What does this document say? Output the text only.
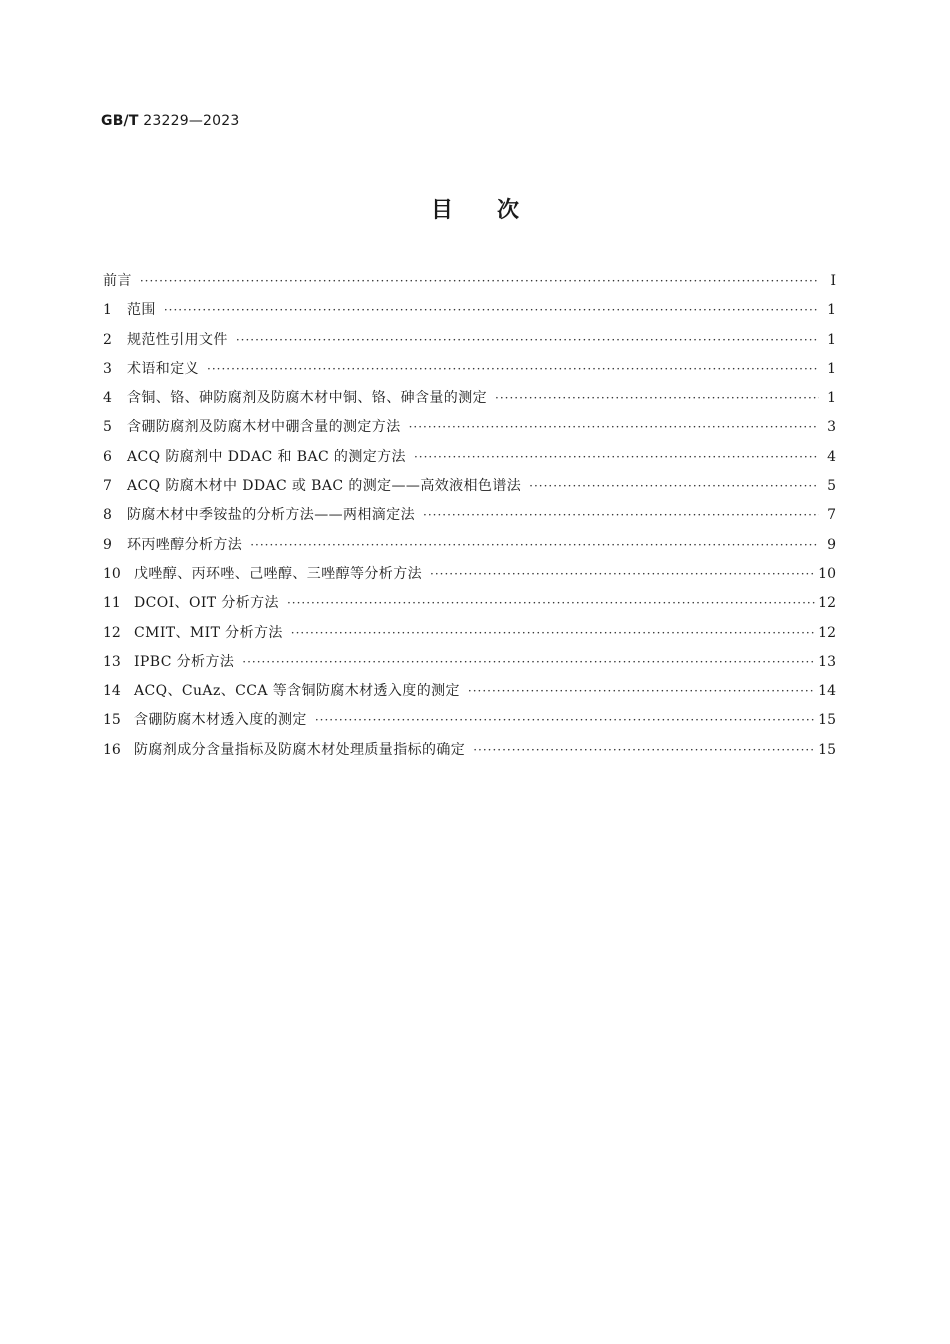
GB/T 23229—2023
目次
前言 ·····	Ⅰ
1	范围 ·····	1
2	规范性引用文件 ·····	1
3	术语和定义 ·····	1
4	含铜、铬、砷防腐剂及防腐木材中铜、铬、砷含量的测定 ·····	1
5	含硼防腐剂及防腐木材中硼含量的测定方法 ·····	3
6	ACQ 防腐剂中 DDAC 和 BAC 的测定方法 ·····	4
7	ACQ 防腐木材中 DDAC 或 BAC 的测定——高效液相色谱法 ·····	5
8	防腐木材中季铵盐的分析方法——两相滴定法 ·····	7
9	环丙唑醇分析方法 ·····	9
10 戊唑醇、丙环唑、己唑醇、三唑醇等分析方法 ·····	10
11 DCOI、OIT 分析方法 ·····	12
12 CMIT、MIT 分析方法 ·····	12
13 IPBC 分析方法 ·····	13
14 ACQ、CuAz、CCA 等含铜防腐木材透入度的测定 ·····	14
15 含硼防腐木材透入度的测定 ·····	15
16 防腐剂成分含量指标及防腐木材处理质量指标的确定 ·····	15
